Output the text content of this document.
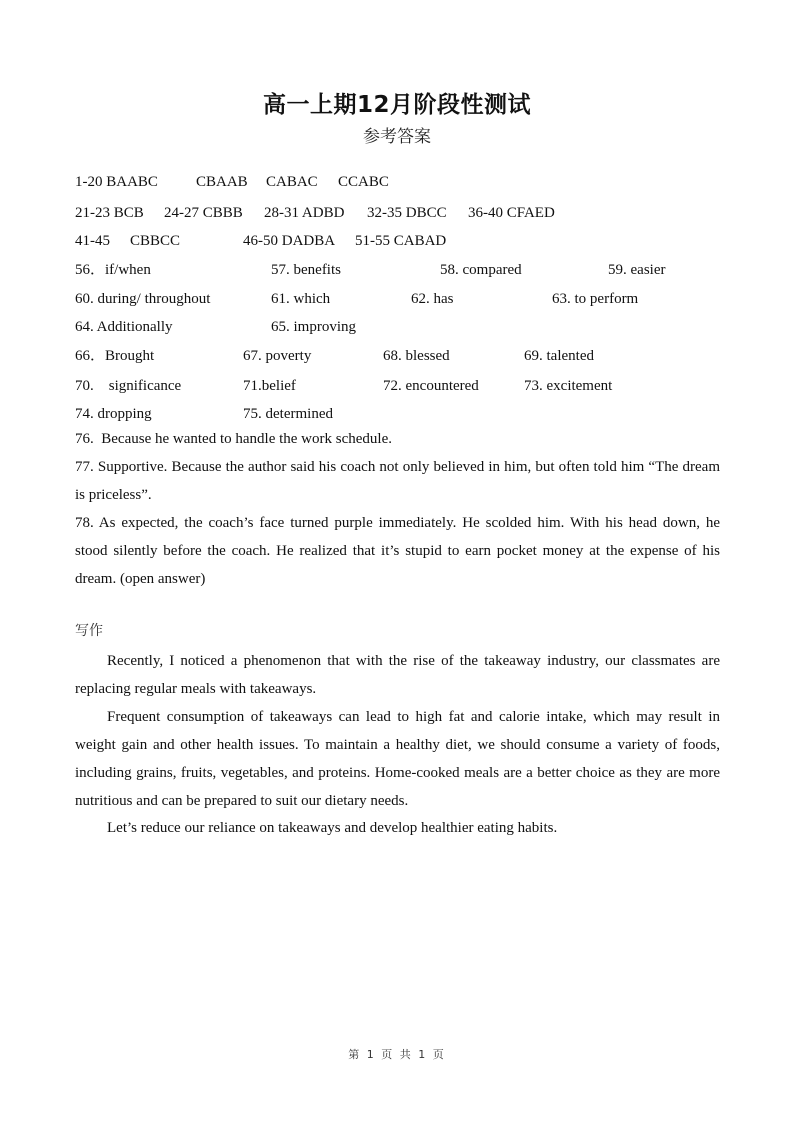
高一上期12月阶段性测试
参考答案
1-20 BAABC	CBAAB CABAC CCABC
21-23 BCB 24-27 CBBB 28-31 ADBD 32-35 DBCC 36-40 CFAED
41-45 CBBCC	46-50 DADBA 51-55 CABAD
56．if/when	57. benefits	58. compared	59. easier
60. during/ throughout	61. which	62. has	63. to perform
64. Additionally	65. improving
66．Brought	67. poverty	68. blessed	69. talented
70.    significance	71.belief	72. encountered	73. excitement
74. dropping	75. determined

76.  Because he wanted to handle the work schedule.

77. Supportive. Because the author said his coach not only believed in him, but often told him “The dream is priceless”.

78. As expected, the coach’s face turned purple immediately. He scolded him. With his head down, he stood silently before the coach. He realized that it’s stupid to earn pocket money at the expense of his dream. (open answer)

写作

Recently, I noticed a phenomenon that with the rise of the takeaway industry, our classmates are replacing regular meals with takeaways.

Frequent consumption of takeaways can lead to high fat and calorie intake, which may result in weight gain and other health issues. To maintain a healthy diet, we should consume a variety of foods, including grains, fruits, vegetables, and proteins. Home-cooked meals are a better choice as they are more nutritious and can be prepared to suit our dietary needs.

Let’s reduce our reliance on takeaways and develop healthier eating habits.

第 1 页 共 1 页
